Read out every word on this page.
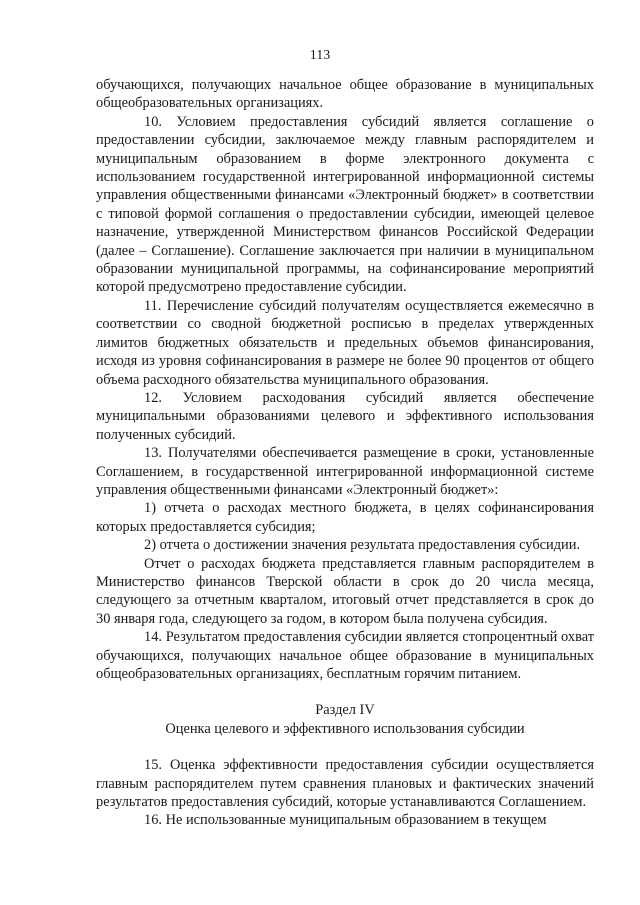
113

обучающихся, получающих начальное общее образование в муниципальных общеобразовательных организациях.

10. Условием предоставления субсидий является соглашение о предоставлении субсидии, заключаемое между главным распорядителем и муниципальным образованием в форме электронного документа с использованием государственной интегрированной информационной системы управления общественными финансами «Электронный бюджет» в соответствии с типовой формой соглашения о предоставлении субсидии, имеющей целевое назначение, утвержденной Министерством финансов Российской Федерации (далее – Соглашение). Соглашение заключается при наличии в муниципальном образовании муниципальной программы, на софинансирование мероприятий которой предусмотрено предоставление субсидии.

11. Перечисление субсидий получателям осуществляется ежемесячно в соответствии со сводной бюджетной росписью в пределах утвержденных лимитов бюджетных обязательств и предельных объемов финансирования, исходя из уровня софинансирования в размере не более 90 процентов от общего объема расходного обязательства муниципального образования.

12. Условием расходования субсидий является обеспечение муниципальными образованиями целевого и эффективного использования полученных субсидий.

13. Получателями обеспечивается размещение в сроки, установленные Соглашением, в государственной интегрированной информационной системе управления общественными финансами «Электронный бюджет»:

1) отчета о расходах местного бюджета, в целях софинансирования которых предоставляется субсидия;

2) отчета о достижении значения результата предоставления субсидии.

Отчет о расходах бюджета представляется главным распорядителем в Министерство финансов Тверской области в срок до 20 числа месяца, следующего за отчетным кварталом, итоговый отчет представляется в срок до 30 января года, следующего за годом, в котором была получена субсидия.

14. Результатом предоставления субсидии является стопроцентный охват обучающихся, получающих начальное общее образование в муниципальных общеобразовательных организациях, бесплатным горячим питанием.

Раздел IV

Оценка целевого и эффективного использования субсидии

15. Оценка эффективности предоставления субсидии осуществляется главным распорядителем путем сравнения плановых и фактических значений результатов предоставления субсидий, которые устанавливаются Соглашением.

16. Не использованные муниципальным образованием в текущем
